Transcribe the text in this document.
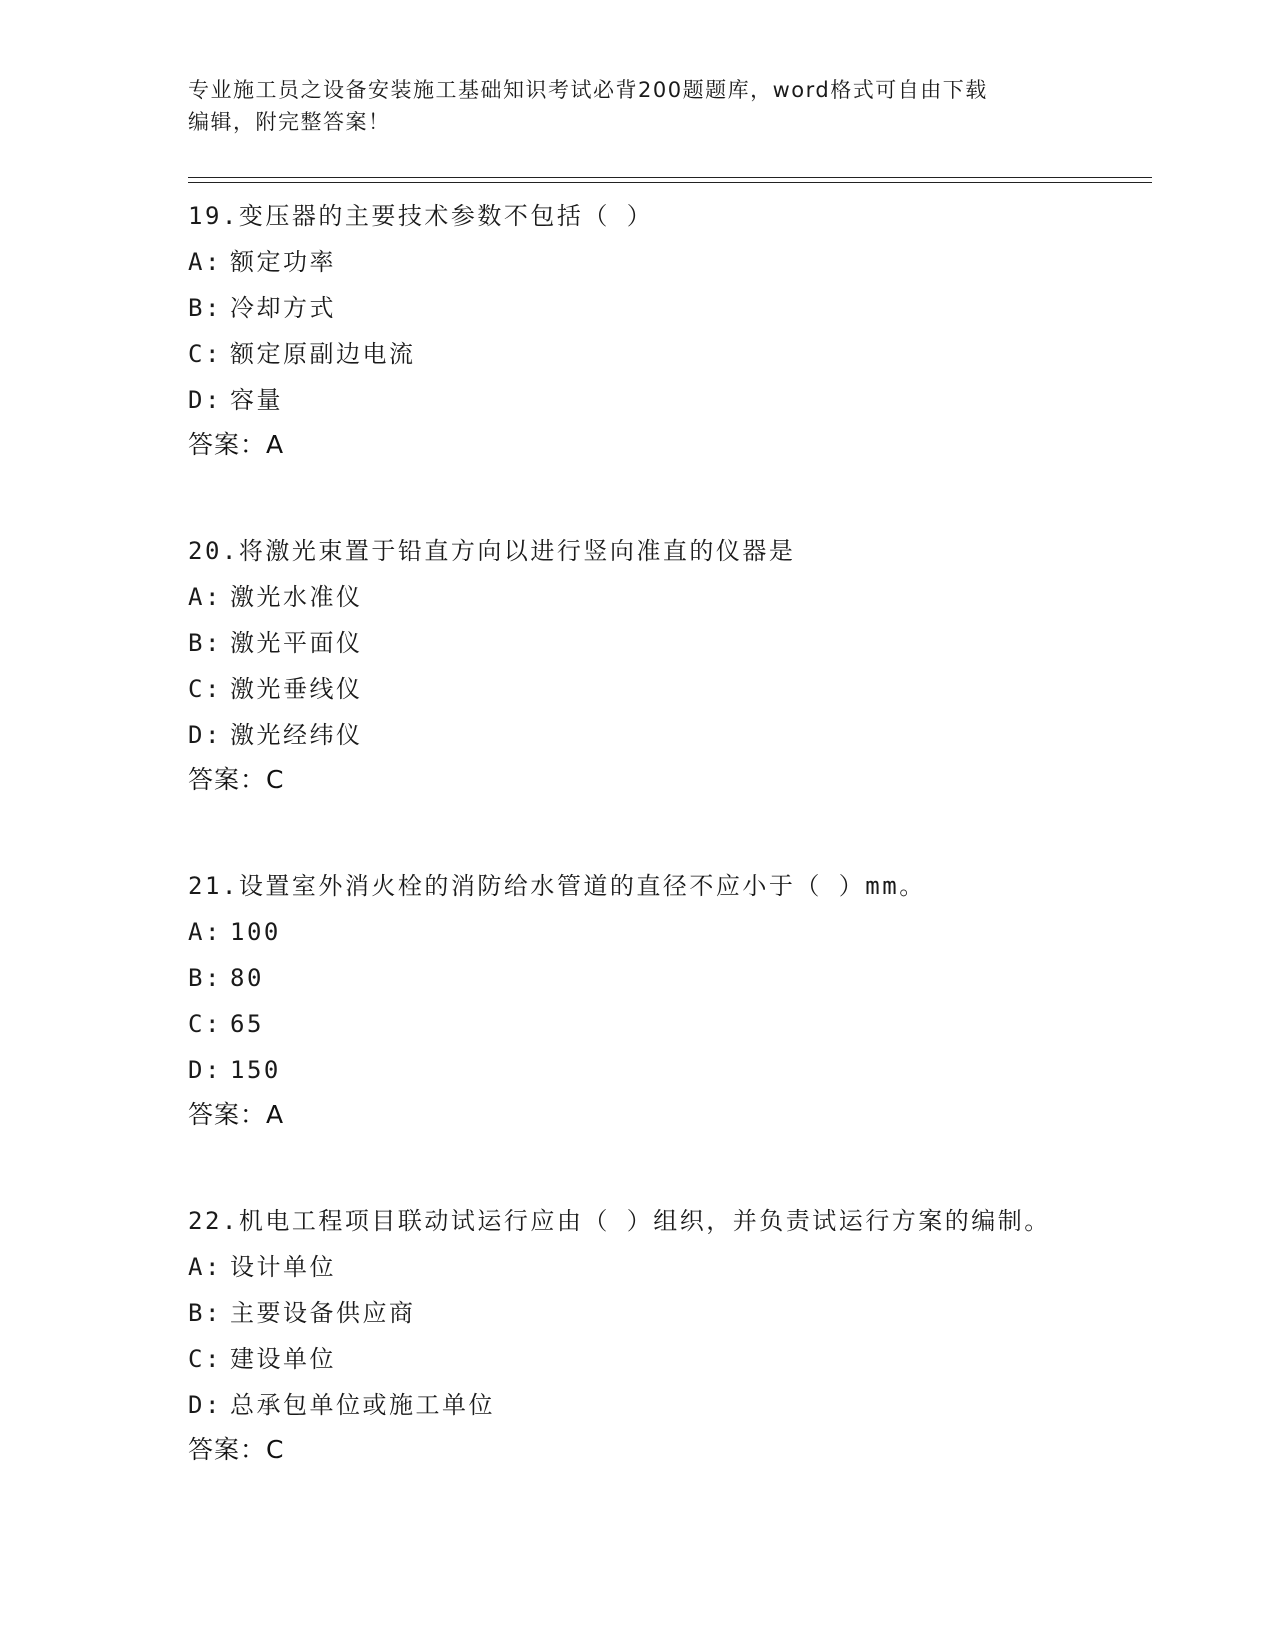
专业施工员之设备安装施工基础知识考试必背200题题库，word格式可自由下载
编辑，附完整答案！

19.变压器的主要技术参数不包括（ ）

A: 额定功率

B: 冷却方式

C: 额定原副边电流

D: 容量

答案：A

20.将激光束置于铅直方向以进行竖向准直的仪器是

A: 激光水准仪

B: 激光平面仪

C: 激光垂线仪

D: 激光经纬仪

答案：C

21.设置室外消火栓的消防给水管道的直径不应小于（ ）mm。

A: 100

B: 80

C: 65

D: 150

答案：A

22.机电工程项目联动试运行应由（ ）组织，并负责试运行方案的编制。

A: 设计单位

B: 主要设备供应商

C: 建设单位

D: 总承包单位或施工单位

答案：C
